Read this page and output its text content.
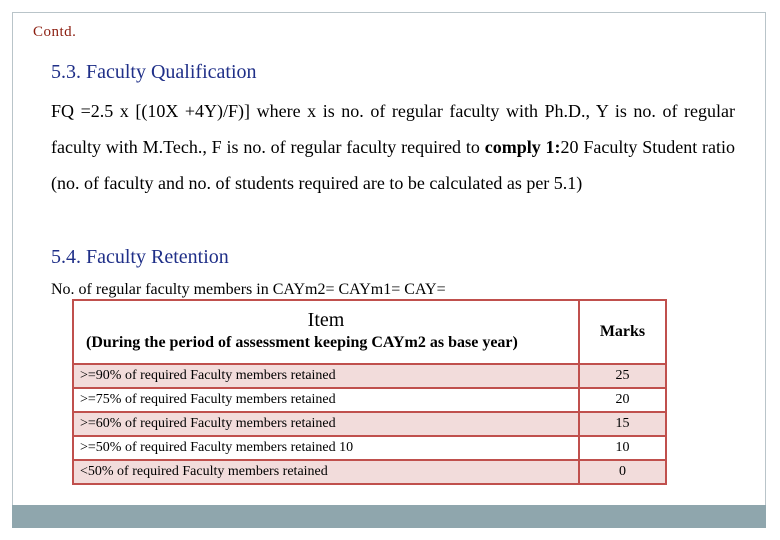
Contd.
5.3. Faculty Qualification
FQ =2.5 x [(10X +4Y)/F)] where x is no. of regular faculty with Ph.D., Y is no. of regular faculty with M.Tech., F is no. of regular faculty required to comply 1:20 Faculty Student ratio (no. of faculty and no. of students required are to be calculated as per 5.1)
5.4. Faculty Retention
No. of regular faculty members in CAYm2= CAYm1= CAY=
Item
(During the period of assessment keeping CAYm2 as base year)	Marks
>=90% of required Faculty members retained	25
>=75% of required Faculty members retained	20
>=60% of required Faculty members retained	15
>=50% of required Faculty members retained 10	10
<50% of required Faculty members retained	0
